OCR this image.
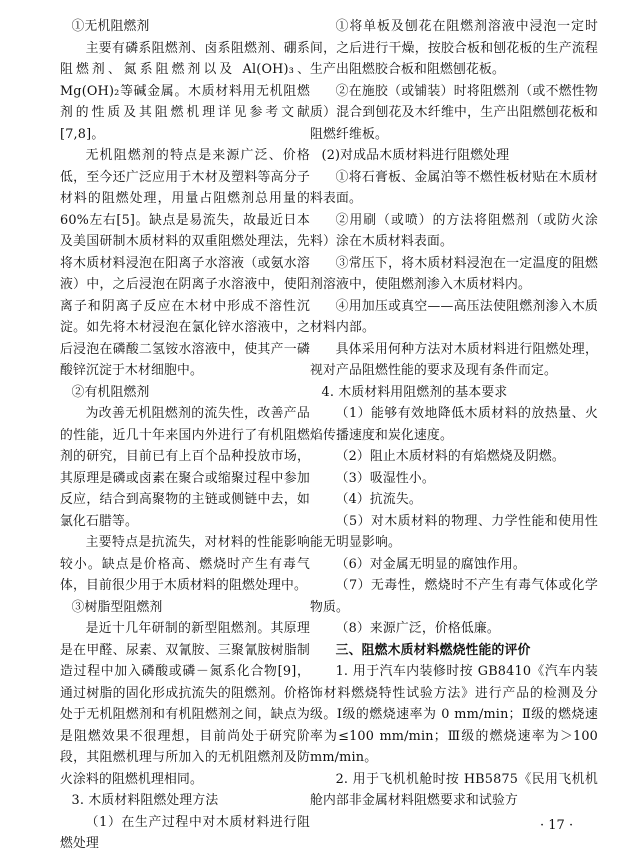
①无机阻燃剂

主要有磷系阻燃剂、卤系阻燃剂、硼系阻燃剂、氮系阻燃剂以及 Al(OH)₃、Mg(OH)₂等碱金属。木质材料用无机阻燃剂的性质及其阻燃机理详见参考文献[7,8]。

无机阻燃剂的特点是来源广泛、价格低，至今还广泛应用于木材及塑料等高分子材料的阻燃处理，用量占阻燃剂总用量的 60%左右[5]。缺点是易流失，故最近日本及美国研制木质材料的双重阻燃处理法，先将木质材料浸泡在阳离子水溶液（或氨水溶液）中，之后浸泡在阴离子水溶液中，使阳离子和阴离子反应在木材中形成不溶性沉淀。如先将木材浸泡在氯化锌水溶液中，之后浸泡在磷酸二氢铵水溶液中，使其产一磷酸锌沉淀于木材细胞中。

②有机阻燃剂

为改善无机阻燃剂的流失性，改善产品的性能，近几十年来国内外进行了有机阻燃剂的研究，目前已有上百个品种投放市场，其原理是磷或卤素在聚合或缩聚过程中参加反应，结合到高聚物的主链或侧链中去，如氯化石腊等。

主要特点是抗流失，对材料的性能影响较小。缺点是价格高、燃烧时产生有毒气体，目前很少用于木质材料的阻燃处理中。

③树脂型阻燃剂

是近十几年研制的新型阻燃剂。其原理是在甲醛、尿素、双氰胺、三聚氰胺树脂制造过程中加入磷酸或磷－氮系化合物[9]，通过树脂的固化形成抗流失的阻燃剂。价格处于无机阻燃剂和有机阻燃剂之间，缺点为是阻燃效果不很理想，目前尚处于研究阶段，其阻燃机理与所加入的无机阻燃剂及防火涂料的阻燃机理相同。

3. 木质材料阻燃处理方法

（1）在生产过程中对木质材料进行阻燃处理

①将单板及刨花在阻燃剂溶液中浸泡一定时间，之后进行干燥，按胶合板和刨花板的生产流程生产出阻燃胶合板和阻燃刨花板。

②在施胶（或铺装）时将阻燃剂（或不燃性物质）混合到刨花及木纤维中，生产出阻燃刨花板和阻燃纤维板。

(2)对成品木质材料进行阻燃处理

①将石膏板、金属泊等不燃性板材贴在木质材料表面。

②用刷（或喷）的方法将阻燃剂（或防火涂料）涂在木质材料表面。

③常压下，将木质材料浸泡在一定温度的阻燃剂溶液中，使阻燃剂渗入木质材料内。

④用加压或真空——高压法使阻燃剂渗入木质材料内部。

具体采用何种方法对木质材料进行阻燃处理，视对产品阻燃性能的要求及现有条件而定。

4. 木质材料用阻燃剂的基本要求

（1）能够有效地降低木质材料的放热量、火焰传播速度和炭化速度。

（2）阻止木质材料的有焰燃烧及阴燃。

（3）吸湿性小。

（4）抗流失。

（5）对木质材料的物理、力学性能和使用性能无明显影响。

（6）对金属无明显的腐蚀作用。

（7）无毒性，燃烧时不产生有毒气体或化学物质。

（8）来源广泛，价格低廉。

三、阻燃木质材料燃烧性能的评价

1. 用于汽车内装修时按 GB8410《汽车内装饰材料燃烧特性试验方法》进行产品的检测及分级。Ⅰ级的燃烧速率为 0 mm/min；Ⅱ级的燃烧速率为≤100 mm/min；Ⅲ级的燃烧速率为＞100 mm/min。

2. 用于飞机机舱时按 HB5875《民用飞机机舱内部非金属材料阻燃要求和试验方

· 17 ·
